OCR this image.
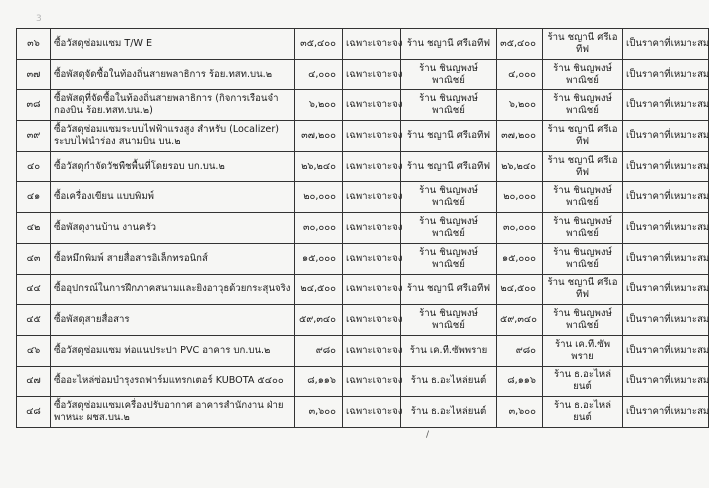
3
๓๖	ซื้อวัสดุซ่อมแซม T/W E	๓๕,๔๐๐	เฉพาะเจาะจง	ร้าน ชญานี ศรีเอทีฟ	๓๕,๔๐๐	ร้าน ชญานี ศรีเอทีฟ	เป็นราคาที่เหมาะสม
๓๗	ซื้อพัสดุจัดซื้อในท้องถิ่นสายพลาธิการ ร้อย.ทสท.บน.๒	๔,๐๐๐	เฉพาะเจาะจง	ร้าน ชินญพงษ์ พาณิชย์	๔,๐๐๐	ร้าน ชินญพงษ์ พาณิชย์	เป็นราคาที่เหมาะสม
๓๘	ซื้อพัสดุที่จัดซื้อในท้องถิ่นสายพลาธิการ (กิจการเรือนจำกองบิน ร้อย.ทสท.บน.๒)	๖,๒๐๐	เฉพาะเจาะจง	ร้าน ชินญพงษ์ พาณิชย์	๖,๒๐๐	ร้าน ชินญพงษ์ พาณิชย์	เป็นราคาที่เหมาะสม
๓๙	ซื้อวัสดุซ่อมแซมระบบไฟฟ้าแรงสูง สำหรับ (Localizer) ระบบไฟนำร่อง สนามบิน บน.๒	๓๗,๒๐๐	เฉพาะเจาะจง	ร้าน ชญานี ศรีเอทีฟ	๓๗,๒๐๐	ร้าน ชญานี ศรีเอทีฟ	เป็นราคาที่เหมาะสม
๔๐	ซื้อวัสดุกำจัดวัชพืชพื้นที่โดยรอบ บก.บน.๒	๒๖,๒๔๐	เฉพาะเจาะจง	ร้าน ชญานี ศรีเอทีฟ	๒๖,๒๔๐	ร้าน ชญานี ศรีเอทีฟ	เป็นราคาที่เหมาะสม
๔๑	ซื้อเครื่องเขียน แบบพิมพ์	๒๐,๐๐๐	เฉพาะเจาะจง	ร้าน ชินญพงษ์ พาณิชย์	๒๐,๐๐๐	ร้าน ชินญพงษ์ พาณิชย์	เป็นราคาที่เหมาะสม
๔๒	ซื้อพัสดุงานบ้าน งานครัว	๓๐,๐๐๐	เฉพาะเจาะจง	ร้าน ชินญพงษ์ พาณิชย์	๓๐,๐๐๐	ร้าน ชินญพงษ์ พาณิชย์	เป็นราคาที่เหมาะสม
๔๓	ซื้อหมึกพิมพ์ สายสื่อสารอิเล็กทรอนิกส์	๑๕,๐๐๐	เฉพาะเจาะจง	ร้าน ชินญพงษ์ พาณิชย์	๑๕,๐๐๐	ร้าน ชินญพงษ์ พาณิชย์	เป็นราคาที่เหมาะสม
๔๔	ซื้ออุปกรณ์ในการฝึกภาคสนามและยิงอาวุธด้วยกระสุนจริง	๒๔,๕๐๐	เฉพาะเจาะจง	ร้าน ชญานี ศรีเอทีฟ	๒๔,๕๐๐	ร้าน ชญานี ศรีเอทีฟ	เป็นราคาที่เหมาะสม
๔๕	ซื้อพัสดุสายสื่อสาร	๕๙,๓๔๐	เฉพาะเจาะจง	ร้าน ชินญพงษ์ พาณิชย์	๕๙,๓๔๐	ร้าน ชินญพงษ์ พาณิชย์	เป็นราคาที่เหมาะสม
๔๖	ซื้อวัสดุซ่อมแซม ท่อแนประปา PVC อาคาร บก.บน.๒	๙๘๐	เฉพาะเจาะจง	ร้าน เค.ที.ซัพพราย	๙๘๐	ร้าน เค.ที.ซัพพราย	เป็นราคาที่เหมาะสม
๔๗	ซื้ออะไหล่ซ่อมบำรุงรถฟาร์มแทรกเตอร์ KUBOTA ๕๔๐๐	๘,๑๑๖	เฉพาะเจาะจง	ร้าน ธ.อะไหล่ยนต์	๘,๑๑๖	ร้าน ธ.อะไหล่ยนต์	เป็นราคาที่เหมาะสม
๔๘	ซื้อวัสดุซ่อมแซมเครื่องปรับอากาศ อาคารสำนักงาน ฝ่ายพาหนะ ผชส.บน.๒	๓,๖๐๐	เฉพาะเจาะจง	ร้าน ธ.อะไหล่ยนต์	๓,๖๐๐	ร้าน ธ.อะไหล่ยนต์	เป็นราคาที่เหมาะสม
/
